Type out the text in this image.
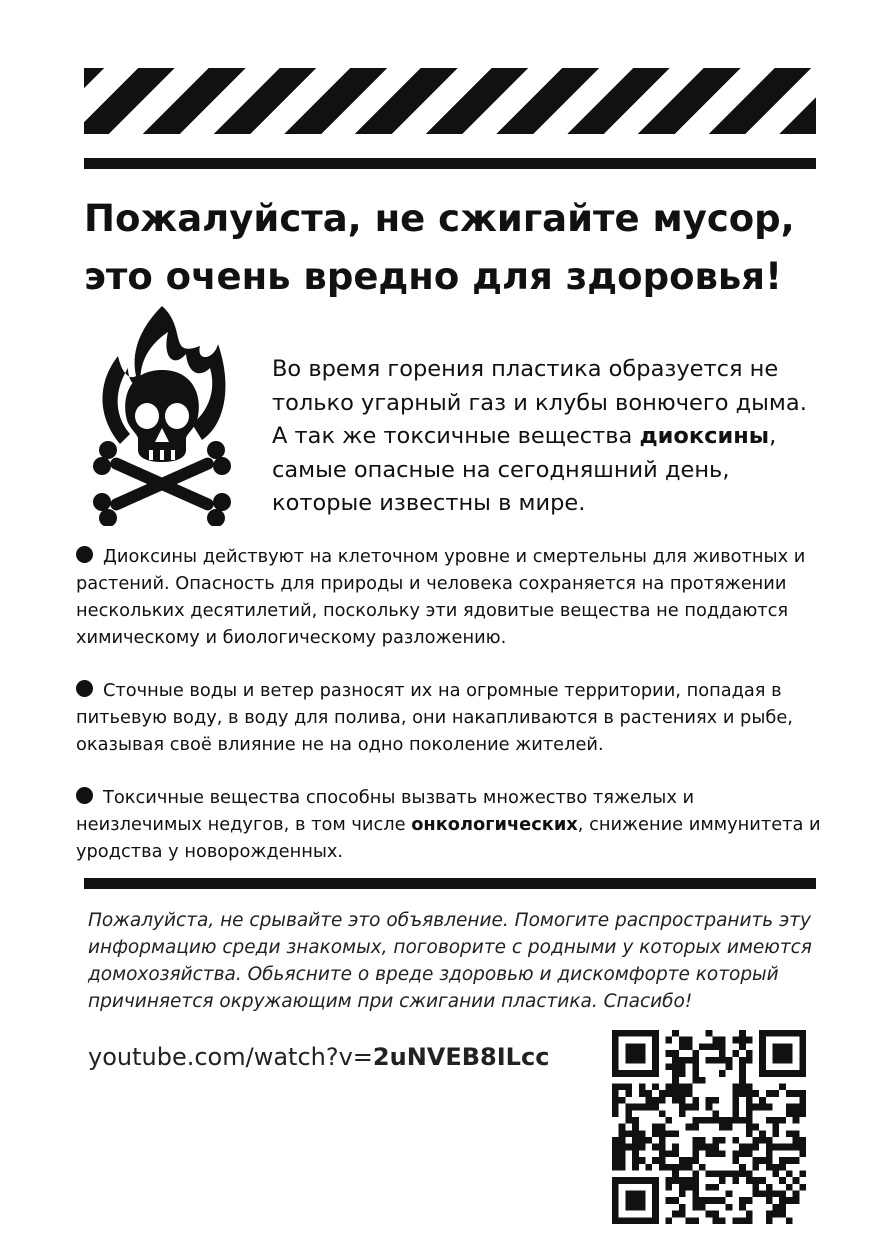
Пожалуйста, не сжигайте мусор,
это очень вредно для здоровья!

Во время горения пластика образуется не только угарный газ и клубы вонючего дыма. А так же токсичные вещества диоксины, самые опасные на сегодняшний день, которые известны в мире.

Диоксины действуют на клеточном уровне и смертельны для животных и растений. Опасность для природы и человека сохраняется на протяжении нескольких десятилетий, поскольку эти ядовитые вещества не поддаются химическому и биологическому разложению.

Сточные воды и ветер разносят их на огромные территории, попадая в питьевую воду, в воду для полива, они накапливаются в растениях и рыбе, оказывая своё влияние не на одно поколение жителей.

Токсичные вещества способны вызвать множество тяжелых и неизлечимых недугов, в том числе онкологических, снижение иммунитета и уродства у новорожденных.

Пожалуйста, не срывайте это объявление. Помогите распространить эту информацию среди знакомых, поговорите с родными у которых имеются домохозяйства. Обьясните о вреде здоровью и дискомфорте который причиняется окружающим при сжигании пластика. Спасибо!

youtube.com/watch?v=2uNVEB8ILcc
